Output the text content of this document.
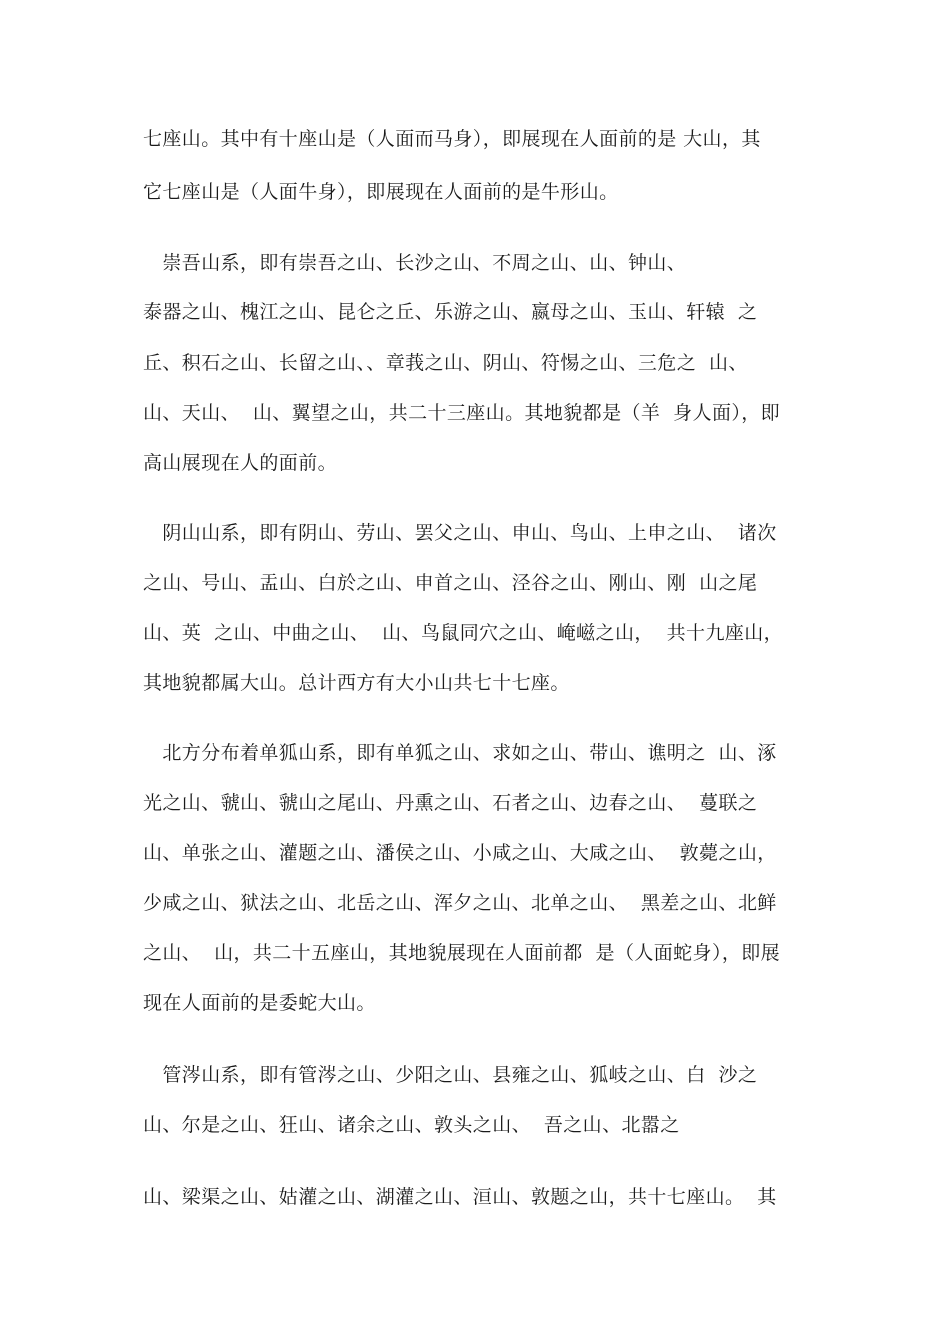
七座山。其中有十座山是（人面而马身），即展现在人面前的是 大山，其
它七座山是（人面牛身），即展现在人面前的是牛形山。
　崇吾山系，即有崇吾之山、长沙之山、不周之山、山、钟山、
泰器之山、槐江之山、昆仑之丘、乐游之山、嬴母之山、玉山、轩辕  之
丘、积石之山、长留之山、、章莪之山、阴山、符惕之山、三危之  山、
山、天山、  山、翼望之山，共二十三座山。其地貌都是（羊  身人面），即
高山展现在人的面前。
　阴山山系，即有阴山、劳山、罢父之山、申山、鸟山、上申之山、  诸次
之山、号山、盂山、白於之山、申首之山、泾谷之山、刚山、刚  山之尾
山、英  之山、中曲之山、  山、鸟鼠同穴之山、崦嵫之山，  共十九座山，
其地貌都属大山。总计西方有大小山共七十七座。
　北方分布着单狐山系，即有单狐之山、求如之山、带山、谯明之  山、涿
光之山、虢山、虢山之尾山、丹熏之山、石者之山、边春之山、  蔓联之
山、单张之山、灌题之山、潘侯之山、小咸之山、大咸之山、  敦薨之山，
少咸之山、狱法之山、北岳之山、浑夕之山、北单之山、  黑差之山、北鲜
之山、  山，共二十五座山，其地貌展现在人面前都  是（人面蛇身），即展
现在人面前的是委蛇大山。
　管涔山系，即有管涔之山、少阳之山、县雍之山、狐岐之山、白  沙之
山、尔是之山、狂山、诸余之山、敦头之山、  吾之山、北嚣之
山、梁渠之山、姑灌之山、湖灌之山、洹山、敦题之山，共十七座山。  其
